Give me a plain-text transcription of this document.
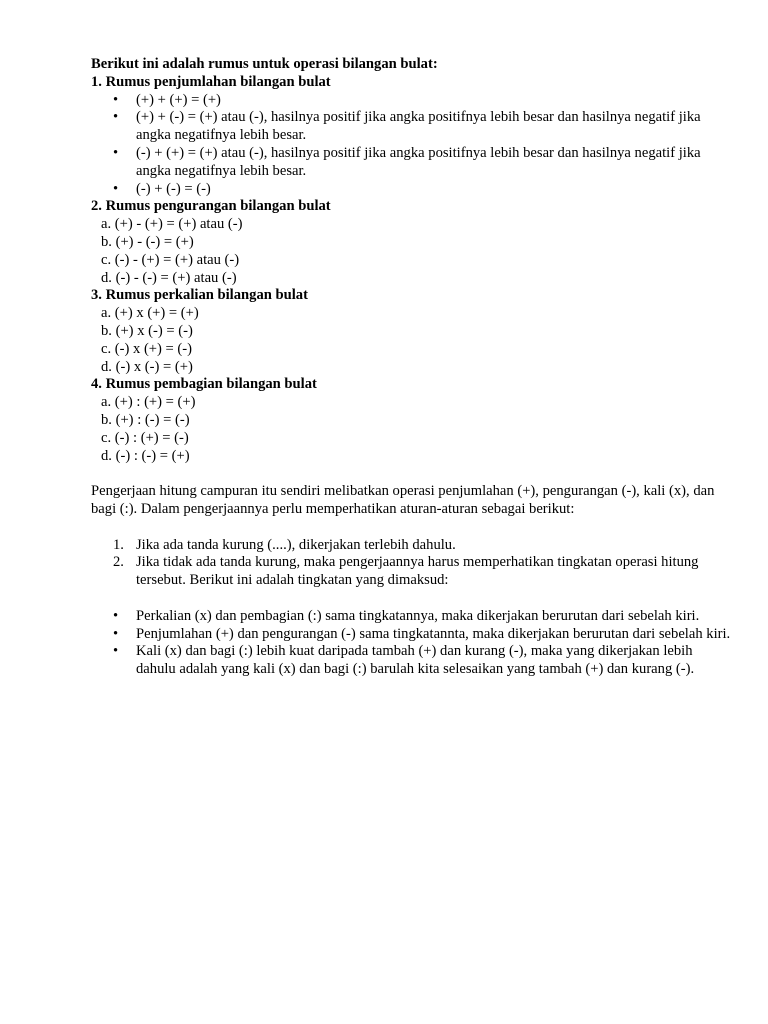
Berikut ini adalah rumus untuk operasi bilangan bulat:

1. Rumus penjumlahan bilangan bulat

• (+) + (+) = (+)
• (+) + (-) = (+) atau (-), hasilnya positif jika angka positifnya lebih besar dan hasilnya negatif jika angka negatifnya lebih besar.
• (-) + (+) = (+) atau (-), hasilnya positif jika angka positifnya lebih besar dan hasilnya negatif jika angka negatifnya lebih besar.
• (-) + (-) = (-)

2. Rumus pengurangan bilangan bulat

a. (+) - (+) = (+) atau (-)
b. (+) - (-) = (+)
c. (-) - (+) = (+) atau (-)
d. (-) - (-) = (+) atau (-)

3. Rumus perkalian bilangan bulat

a. (+) x (+) = (+)
b. (+) x (-) = (-)
c. (-) x (+) = (-)
d. (-) x (-) = (+)

4. Rumus pembagian bilangan bulat

a. (+) : (+) = (+)
b. (+) : (-) = (-)
c. (-) : (+) = (-)
d. (-) : (-) = (+)

Pengerjaan hitung campuran itu sendiri melibatkan operasi penjumlahan (+), pengurangan (-), kali (x), dan bagi (:). Dalam pengerjaannya perlu memperhatikan aturan-aturan sebagai berikut:

1. Jika ada tanda kurung (....), dikerjakan terlebih dahulu.
2. Jika tidak ada tanda kurung, maka pengerjaannya harus memperhatikan tingkatan operasi hitung tersebut. Berikut ini adalah tingkatan yang dimaksud:
• Perkalian (x) dan pembagian (:) sama tingkatannya, maka dikerjakan berurutan dari sebelah kiri.
• Penjumlahan (+) dan pengurangan (-) sama tingkatannta, maka dikerjakan berurutan dari sebelah kiri.
• Kali (x) dan bagi (:) lebih kuat daripada tambah (+) dan kurang (-), maka yang dikerjakan lebih dahulu adalah yang kali (x) dan bagi (:) barulah kita selesaikan yang tambah (+) dan kurang (-).
